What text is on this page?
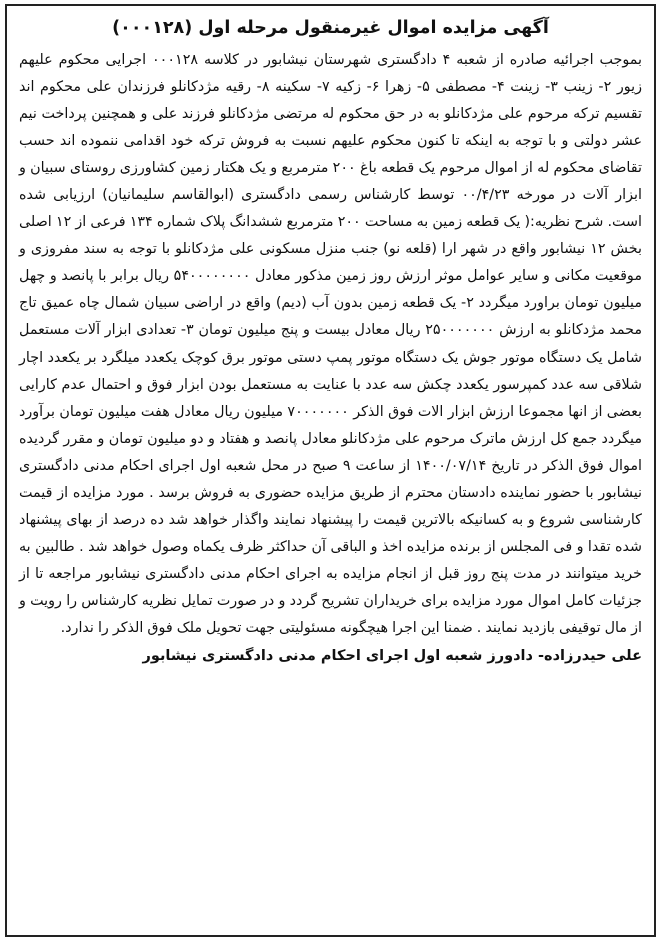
آگهی مزایده اموال غیرمنقول مرحله اول (۰۰۰۱۲۸)

بموجب اجرائیه صادره از شعبه ۴ دادگستری شهرستان نیشابور در کلاسه ۰۰۰۱۲۸ اجرایی محکوم علیهم زیور ۲- زینب ۳- زینت ۴- مصطفی ۵- زهرا ۶- زکیه ۷- سکینه ۸- رقیه مژدکانلو فرزندان علی محکوم اند تقسیم ترکه مرحوم علی مژدکانلو به در حق محکوم له مرتضی مژدکانلو فرزند علی و همچنین پرداخت نیم عشر دولتی و با توجه به اینکه تا کنون محکوم علیهم نسبت به فروش ترکه خود اقدامی ننموده اند حسب تقاضای محکوم له از اموال مرحوم یک قطعه باغ ۲۰۰ مترمربع و یک هکتار زمین کشاورزی روستای سبیان و ابزار آلات در مورخه ۰۰/۴/۲۳ توسط کارشناس رسمی دادگستری (ابوالقاسم سلیمانیان) ارزیابی شده است. شرح نظریه:( یک قطعه زمین به مساحت ۲۰۰ مترمربع ششدانگ پلاک شماره ۱۳۴ فرعی از ۱۲ اصلی بخش ۱۲ نیشابور واقع در شهر ارا (قلعه نو) جنب منزل مسکونی علی مژدکانلو با توجه به سند مفروزی و موقعیت مکانی و سایر عوامل موثر ارزش روز زمین مذکور معادل ۵۴۰۰۰۰۰۰۰۰ ریال برابر با پانصد و چهل میلیون تومان براورد میگردد ۲- یک قطعه زمین بدون آب (دیم) واقع در اراضی سبیان شمال چاه عمیق تاج محمد مژدکانلو به ارزش ۲۵۰۰۰۰۰۰۰ ریال معادل بیست و پنج میلیون تومان ۳- تعدادی ابزار آلات مستعمل شامل یک دستگاه موتور جوش یک دستگاه موتور پمپ دستی موتور برق کوچک یکعدد میلگرد بر یکعدد اچار شلاقی سه عدد کمپرسور یکعدد چکش سه عدد با عنایت به مستعمل بودن ابزار فوق و احتمال عدم کارایی بعضی از انها مجموعا ارزش ابزار الات فوق الذکر ۷۰۰۰۰۰۰۰ میلیون ریال معادل هفت میلیون تومان برآورد میگردد جمع کل ارزش ماترک مرحوم علی مژدکانلو معادل پانصد و هفتاد و دو میلیون تومان و مقرر گردیده اموال فوق الذکر در تاریخ ۱۴۰۰/۰۷/۱۴ از ساعت ۹ صبح در محل شعبه اول اجرای احکام مدنی دادگستری نیشابور با حضور نماینده دادستان محترم از طریق مزایده حضوری به فروش برسد . مورد مزایده از قیمت کارشناسی شروع و به کسانیکه بالاترین قیمت را پیشنهاد نمایند واگذار خواهد شد ده درصد از بهای پیشنهاد شده تقدا و فی المجلس از برنده مزایده اخذ و الباقی آن حداکثر ظرف یکماه وصول خواهد شد . طالبین به خرید میتوانند در مدت پنج روز قبل از انجام مزایده به اجرای احکام مدنی دادگستری نیشابور مراجعه تا از جزئیات کامل اموال مورد مزایده برای خریداران تشریح گردد و در صورت تمایل نظریه کارشناس را رویت و از مال توقیفی بازدید نمایند . ضمنا این اجرا هیچگونه مسئولیتی جهت تحویل ملک فوق الذکر را ندارد.

علی حیدرزاده- دادورز شعبه اول اجرای احکام مدنی دادگستری نیشابور
